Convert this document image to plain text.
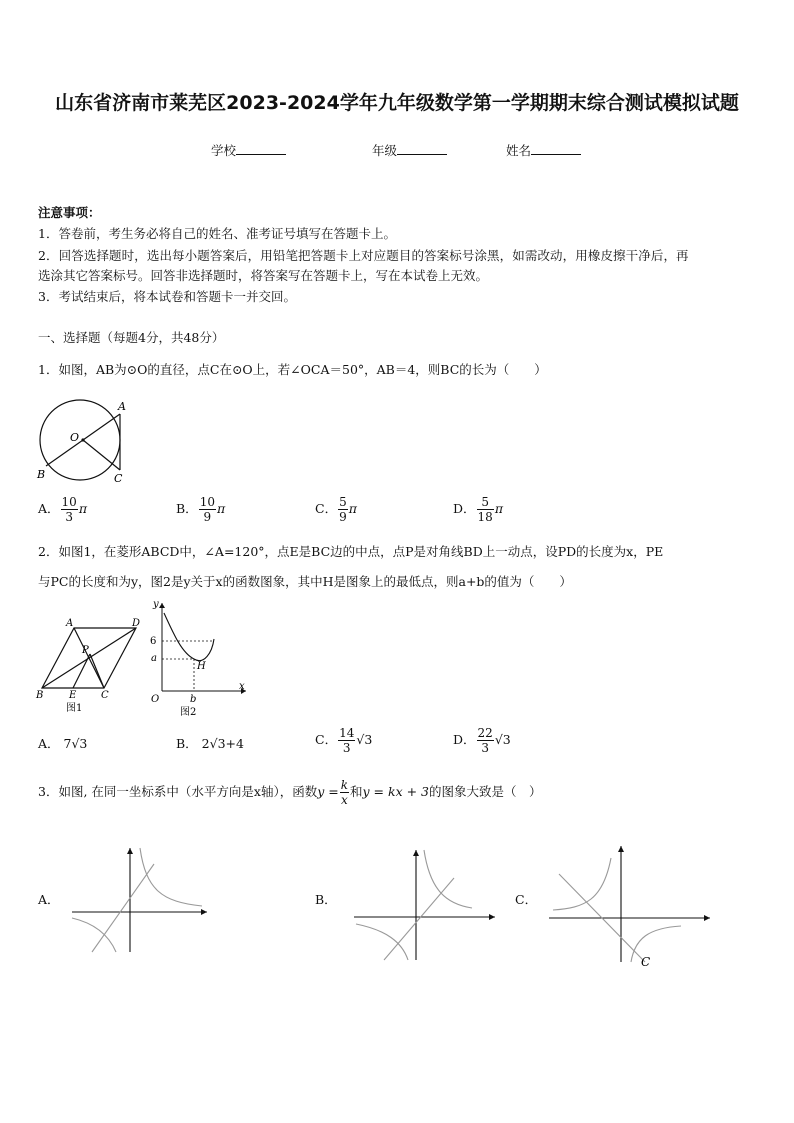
山东省济南市莱芜区2023-2024学年九年级数学第一学期期末综合测试模拟试题
学校	年级	姓名
注意事项：
1．答卷前，考生务必将自己的姓名、准考证号填写在答题卡上。
2．回答选择题时，选出每小题答案后，用铅笔把答题卡上对应题目的答案标号涂黑，如需改动，用橡皮擦干净后，再
选涂其它答案标号。回答非选择题时，将答案写在答题卡上，写在本试卷上无效。
3．考试结束后，将本试卷和答题卡一并交回。
一、选择题（每题4分，共48分）
1．如图，AB为⊙O的直径，点C在⊙O上，若∠OCA＝50°，AB＝4，则BC的长为（　　）
A
B	C
O
A． $\frac{10}{3}$ π	B． $\frac{10}{9}$ π	C． $\frac{5}{9}$ π	D． $\frac{5}{18}$ π
2．如图1，在菱形ABCD中，∠A=120°，点E是BC边的中点，点P是对角线BD上一动点，设PD的长度为x，PE
与PC的长度和为y，图2是y关于x的函数图象，其中H是图象上的最低点，则a+b的值为（　　）
A
B	C
D
E
P
图1
y
x
O
6
a
b
H
图2
A． 7√3	B． 2√3+4	C． $\frac{14}{3} √3$	D． $\frac{22}{3} √3$
3．如图, 在同一坐标系中（水平方向是x轴），函数$y = \frac{k}{x}$ 和y = kx + 3的图象大致是（　）
A．	B．	C．
C
